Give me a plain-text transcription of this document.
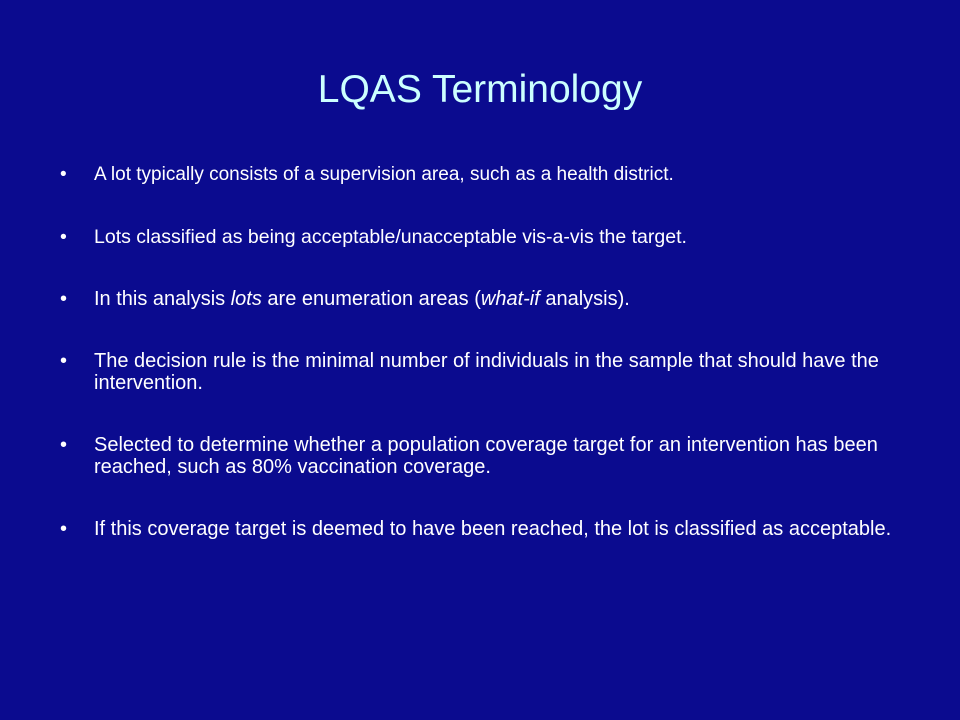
LQAS Terminology
• A lot typically consists of a supervision area, such as a health district.
• Lots classified as being acceptable/unacceptable vis-a-vis the target.
• In this analysis lots are enumeration areas (what-if analysis).
• The decision rule is the minimal number of individuals in the sample that should have the intervention.
• Selected to determine whether a population coverage target for an intervention has been reached, such as 80% vaccination coverage.
• If this coverage target is deemed to have been reached, the lot is classified as acceptable.
